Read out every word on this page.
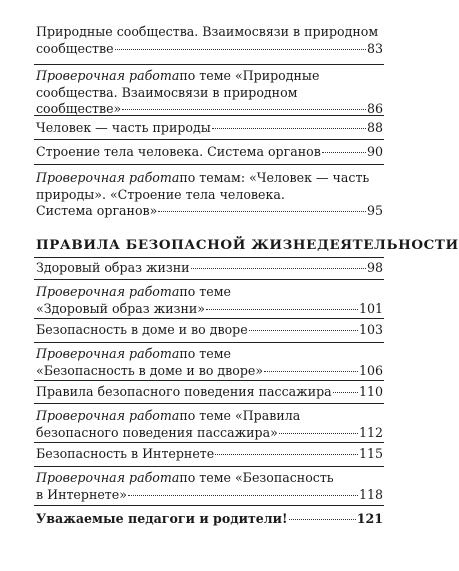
Природные сообщества. Взаимосвязи в природном
сообществе	83
Проверочная работа по теме «Природные
сообщества. Взаимосвязи в природном
сообществе»	86
Человек — часть природы	88
Строение тела человека. Система органов	90
Проверочная работа по темам: «Человек — часть
природы». «Строение тела человека.
Система органов»	95
ПРАВИЛА БЕЗОПАСНОЙ ЖИЗНЕДЕЯТЕЛЬНОСТИ
Здоровый образ жизни	98
Проверочная работа по теме
«Здоровый образ жизни»	101
Безопасность в доме и во дворе	103
Проверочная работа по теме
«Безопасность в доме и во дворе»	106
Правила безопасного поведения пассажира 110
Проверочная работа по теме «Правила
безопасного поведения пассажира»	112
Безопасность в Интернете	115
Проверочная работа по теме «Безопасность
в Интернете»	118
Уважаемые педагоги и родители!	121
